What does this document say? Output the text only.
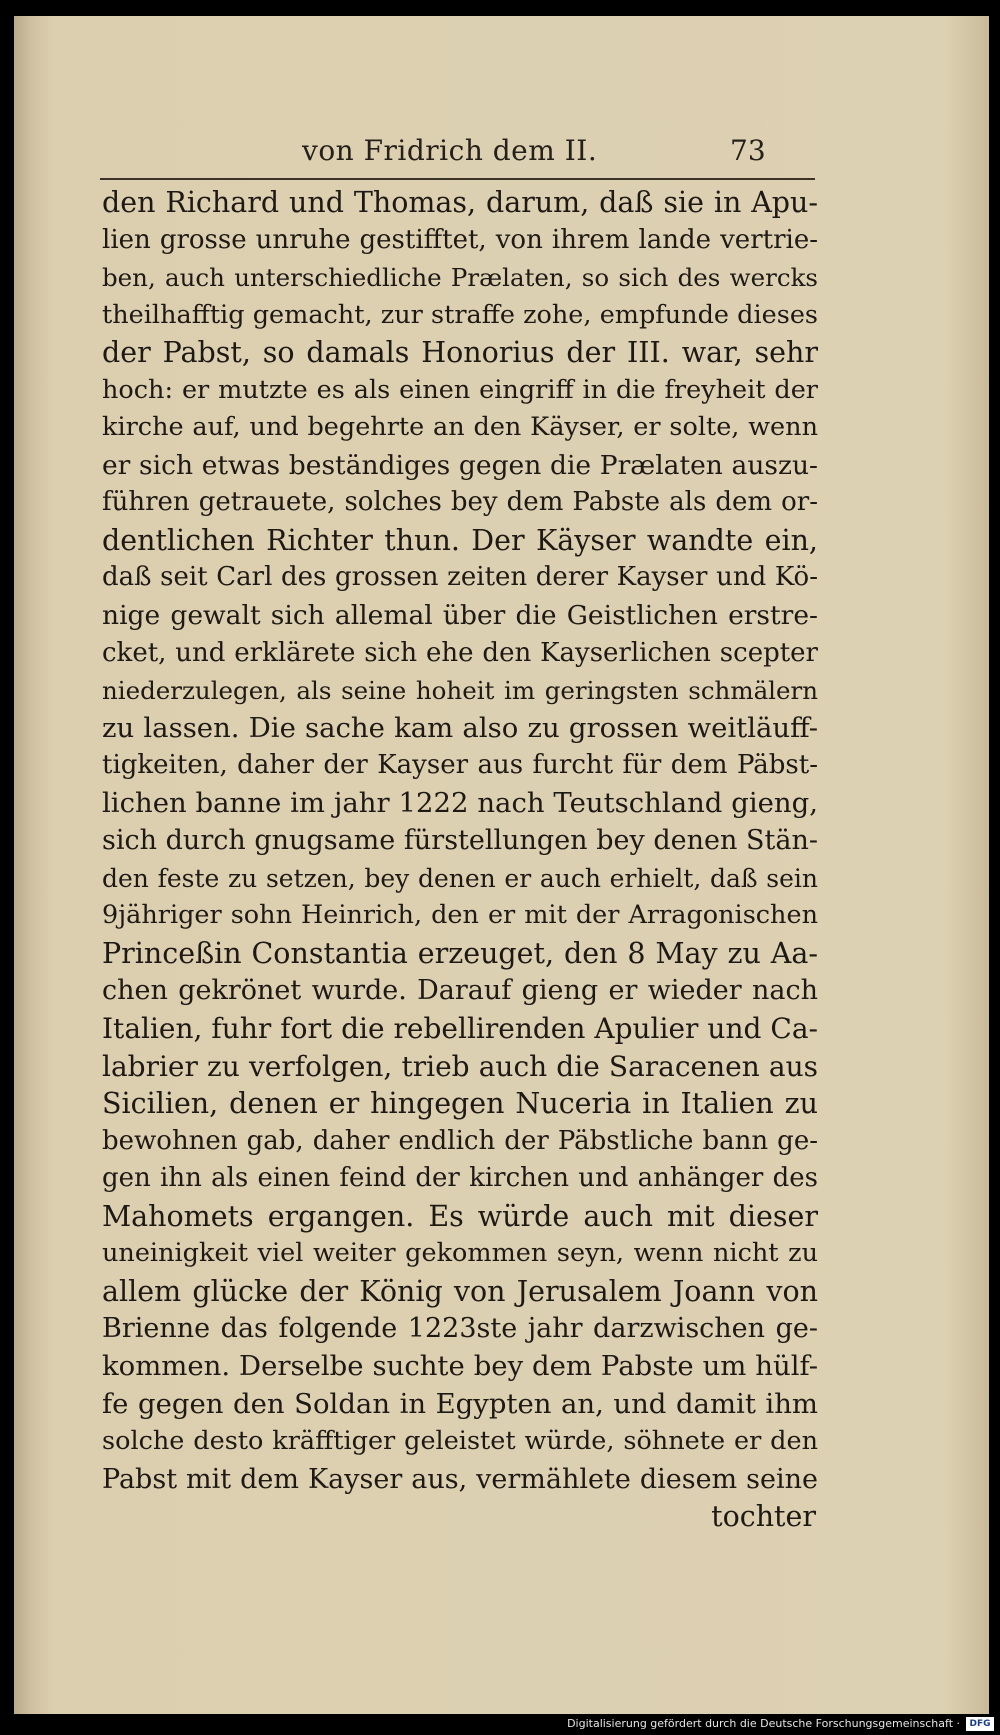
von Fridrich dem II.	73
den Richard und Thomas, darum, daß sie in Apu-
lien grosse unruhe gestifftet, von ihrem lande vertrie-
ben, auch unterschiedliche Prælaten, so sich des wercks
theilhafftig gemacht, zur straffe zohe, empfunde dieses
der Pabst, so damals Honorius der III. war, sehr
hoch: er mutzte es als einen eingriff in die freyheit der
kirche auf, und begehrte an den Käyser, er solte, wenn
er sich etwas beständiges gegen die Prælaten auszu-
führen getrauete, solches bey dem Pabste als dem or-
dentlichen Richter thun. Der Käyser wandte ein,
daß seit Carl des grossen zeiten derer Kayser und Kö-
nige gewalt sich allemal über die Geistlichen erstre-
cket, und erklärete sich ehe den Kayserlichen scepter
niederzulegen, als seine hoheit im geringsten schmälern
zu lassen. Die sache kam also zu grossen weitläuff-
tigkeiten, daher der Kayser aus furcht für dem Päbst-
lichen banne im jahr 1222 nach Teutschland gieng,
sich durch gnugsame fürstellungen bey denen Stän-
den feste zu setzen, bey denen er auch erhielt, daß sein
9jähriger sohn Heinrich, den er mit der Arragonischen
Princeßin Constantia erzeuget, den 8 May zu Aa-
chen gekrönet wurde. Darauf gieng er wieder nach
Italien, fuhr fort die rebellirenden Apulier und Ca-
labrier zu verfolgen, trieb auch die Saracenen aus
Sicilien, denen er hingegen Nuceria in Italien zu
bewohnen gab, daher endlich der Päbstliche bann ge-
gen ihn als einen feind der kirchen und anhänger des
Mahomets ergangen. Es würde auch mit dieser
uneinigkeit viel weiter gekommen seyn, wenn nicht zu
allem glücke der König von Jerusalem Joann von
Brienne das folgende 1223ste jahr darzwischen ge-
kommen. Derselbe suchte bey dem Pabste um hülf-
fe gegen den Soldan in Egypten an, und damit ihm
solche desto kräfftiger geleistet würde, söhnete er den
Pabst mit dem Kayser aus, vermählete diesem seine
tochter
Digitalisierung gefördert durch die Deutsche Forschungsgemeinschaft ·	DFG
